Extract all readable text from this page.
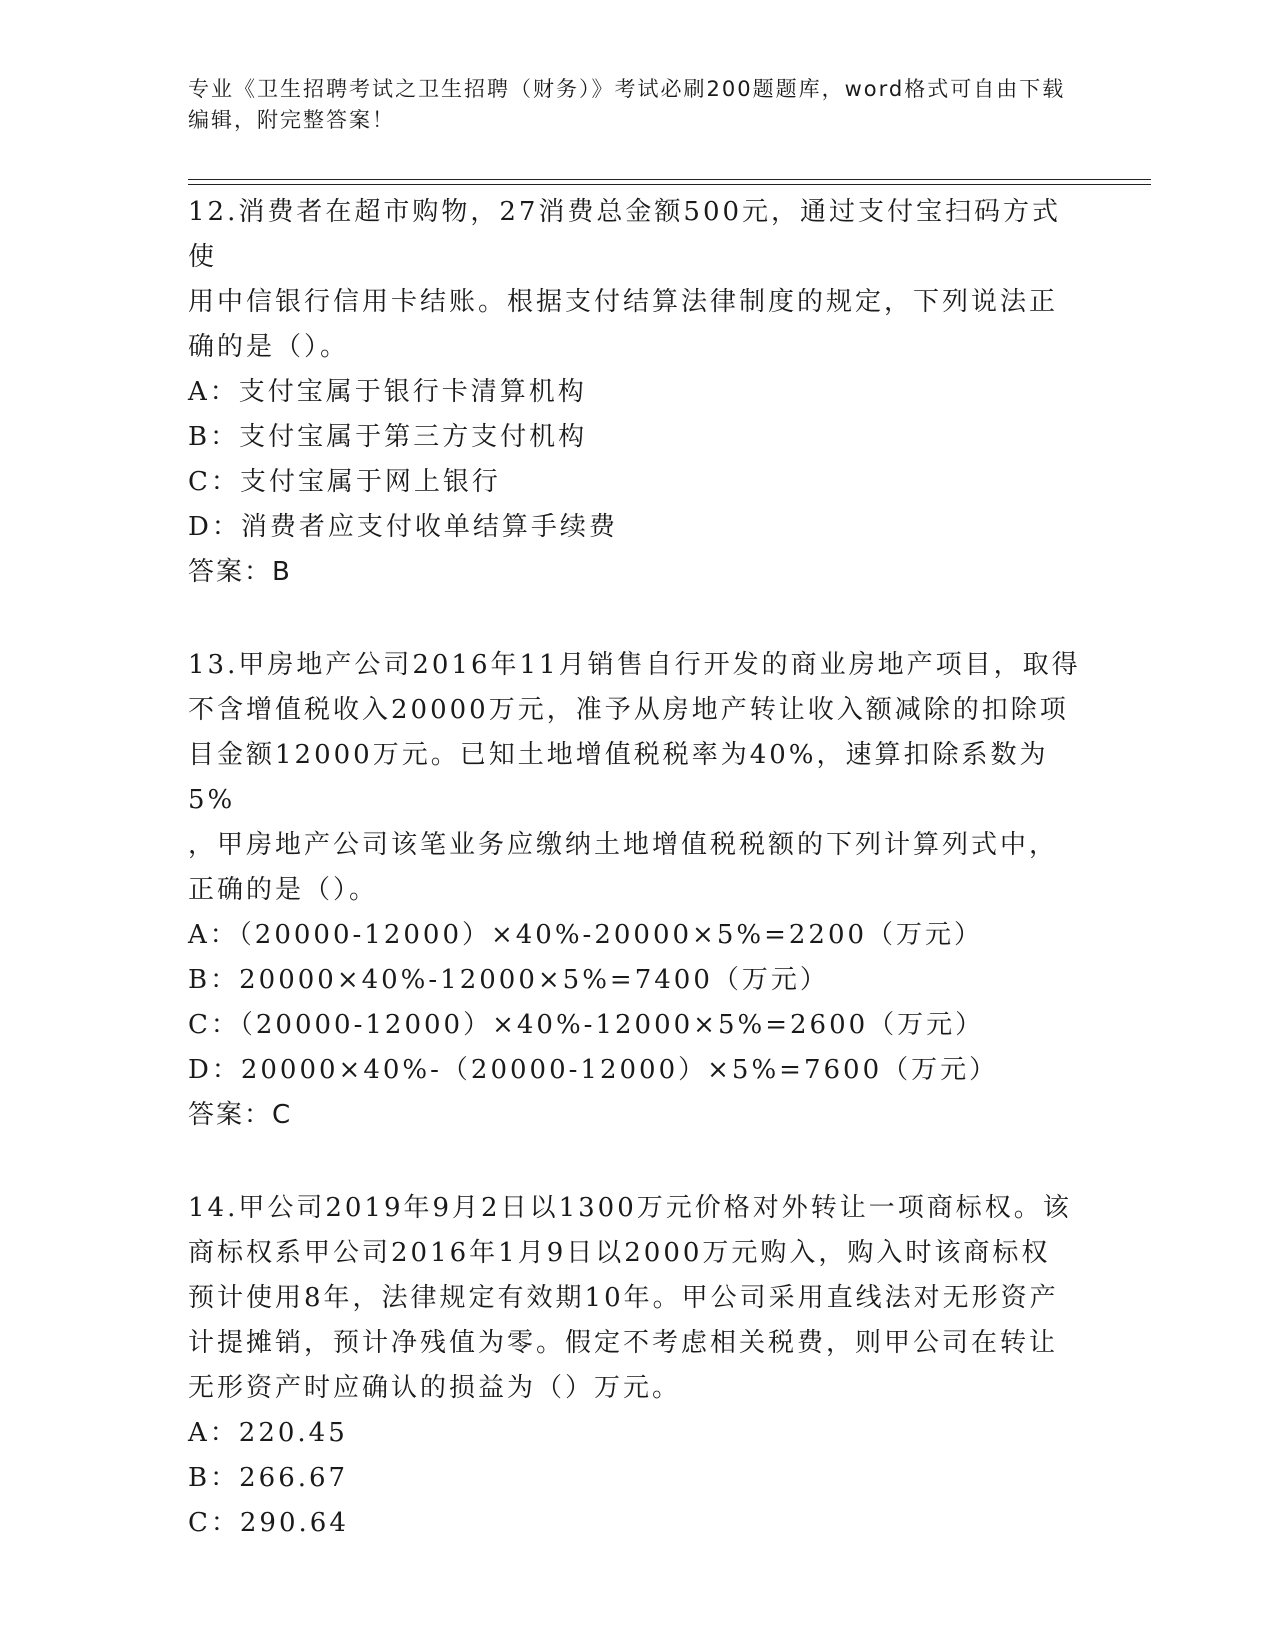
专业《卫生招聘考试之卫生招聘（财务）》考试必刷200题题库，word格式可自由下载编辑，附完整答案！
12.消费者在超市购物，27消费总金额500元，通过支付宝扫码方式使
用中信银行信用卡结账。根据支付结算法律制度的规定，下列说法正
确的是（）。
A：支付宝属于银行卡清算机构
B：支付宝属于第三方支付机构
C：支付宝属于网上银行
D：消费者应支付收单结算手续费
答案：B
13.甲房地产公司2016年11月销售自行开发的商业房地产项目，取得
不含增值税收入20000万元，准予从房地产转让收入额减除的扣除项
目金额12000万元。已知土地增值税税率为40%，速算扣除系数为5%
，甲房地产公司该笔业务应缴纳土地增值税税额的下列计算列式中，
正确的是（）。
A：（20000-12000）×40%-20000×5%=2200（万元）
B：20000×40%-12000×5%=7400（万元）
C：（20000-12000）×40%-12000×5%=2600（万元）
D：20000×40%-（20000-12000）×5%=7600（万元）
答案：C
14.甲公司2019年9月2日以1300万元价格对外转让一项商标权。该
商标权系甲公司2016年1月9日以2000万元购入，购入时该商标权
预计使用8年，法律规定有效期10年。甲公司采用直线法对无形资产
计提摊销，预计净残值为零。假定不考虑相关税费，则甲公司在转让
无形资产时应确认的损益为（）万元。
A：220.45
B：266.67
C：290.64
